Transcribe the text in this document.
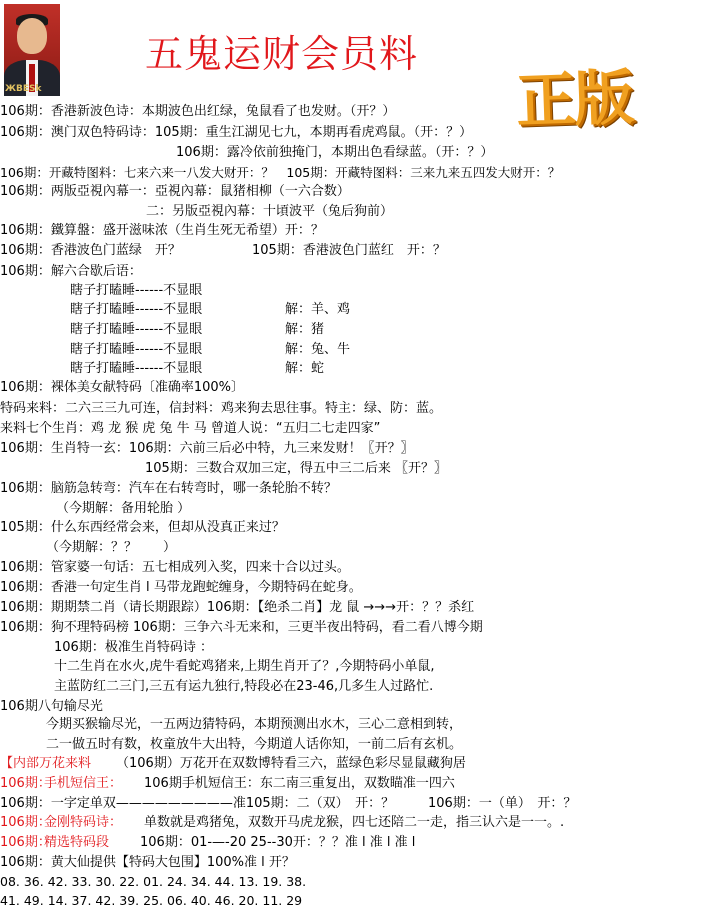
ЖВЕSk
五鬼运财会员料
正版
106期：香港新波色诗：本期波色出红绿，兔鼠看了也发财。（开？）
106期：澳门双色特码诗：105期：重生江湖见七九，本期再看虎鸡鼠。（开：？）
106期：露冷依前独掩门，本期出色看绿蓝。（开：？）
106期：开藏特图料：七来六来一八发大财开：？　105期：开藏特图料：三来九来五四发大财开：？
106期：两版亞視內幕一：亞視內幕：鼠猪相柳（一六合数）
二：另版亞視內幕：十頃波平（兔后狗前）
106期：鐵算盤：盛开滋味浓（生肖生死无希望）开：？
106期：香港波色门蓝绿　开？	105期：香港波色门蓝红　开：？
106期：解六合歇后语：
瞎子打瞌睡------不显眼
瞎子打瞌睡------不显眼	解：羊、鸡
瞎子打瞌睡------不显眼	解：猪
瞎子打瞌睡------不显眼	解：兔、牛
瞎子打瞌睡------不显眼	解：蛇
106期：裸体美女献特码〔准确率100%〕
特码来料：二六三三九可连，信封料：鸡来狗去思往事。特主：绿、防：蓝。
来料七个生肖：鸡 龙 猴 虎 兔 牛 马 曾道人说：“五归二七走四家”
106期：生肖特一玄：106期：六前三后必中特，九三来发财！〖开？〗
105期：三数合双加三定，得五中三二后来 〖开？〗
106期：脑筋急转弯：汽车在右转弯时，哪一条轮胎不转？
（今期解：备用轮胎 ）
105期：什么东西经常会来，但却从没真正来过？
（今期解：？？　　）
106期：管家婆一句话：五七相成列入奖，四来十合以过头。
106期：香港一句定生肖 l 马带龙跑蛇缠身，今期特码在蛇身。
106期：期期禁二肖（请长期跟踪）106期：【绝杀二肖】龙 鼠 →→→开：？？杀红
106期：狗不理特码榜 106期：三争六斗无来和，三更半夜出特码，看二看八博今期
106期：极准生肖特码诗 ：
十二生肖在水火,虎牛看蛇鸡猪来,上期生肖开了？,今期特码小单鼠,
主蓝防红二三门,三五有运九独行,特段必在23-46,几多生人过路忙.
106期八句输尽光
今期买猴输尽光，一五两边猜特码，本期预测出水木，三心二意相到转，
二一做五时有数，枚童放牛大出特，今期道人话你知，一前二后有玄机。
【内部万花来料 （106期）万花开在双数博特看三六，蓝绿色彩尽显鼠藏狗居
106期：
手机短信王： 106期手机短信王：东二南三重复出，双数瞄准一四六
106期：一字定单双—————————准105期：二（双）　开：？	106期：一（单）　开：？
106期：
金刚特码诗： 单数就是鸡猪兔，双数开马虎龙猴，四七还陪二一走，指三认六是一一。.
106期：
精选特码段 106期：01-—-20 25--30开：？？准 l 准 l 准 l
106期：黄大仙提供【特码大包围】100%准 l 开？
08. 36. 42. 33. 30. 22. 01. 24. 34. 44. 13. 19. 38.
41. 49. 14. 37. 42. 39. 25. 06. 40. 46. 20. 11. 29
